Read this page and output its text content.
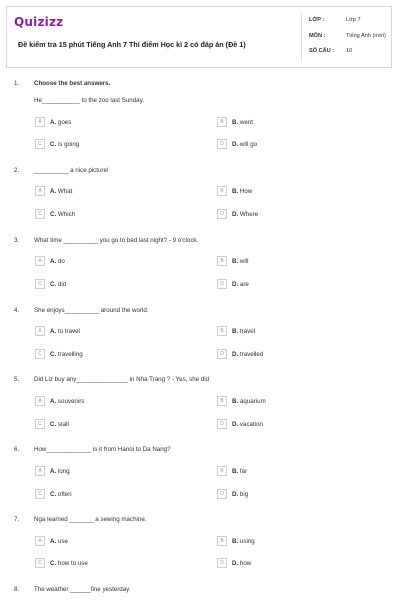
Quizizz
Đề kiểm tra 15 phút Tiếng Anh 7 Thí điểm Học kì 2 có đáp án (Đề 1)
LỚP :	Lớp 7
MÔN :	Tiếng Anh (mới)
SỐ CÂU : 10
1. Choose the best answers.
He___________ to the zoo last Sunday.
A	A. goes	B	B. went
C	C. is going	D	D. will go
2. __________ a nice picture!
A	A. What	B	B. How
C	C. Which	D	D. Where
3. What time __________ you go to bed last night? - 9 o'clock.
A	A. do	B	B. will
C	C. did	D	D. are
4. She enjoys__________ around the world.
A	A. to travel	B	B. travel
C	C. travelling	D	D. travelled
5. Did Liz buy any_______________ in Nha Trang ? - Yes, she did
A	A. souvenirs	B	B. aquarium
C	C. stall	D	D. vacation
6. How_____________ is it from Hanoi to Da Nang?
A	A. long	B	B. far
C	C. often	D	D. big
7. Nga learned _______ a sewing machine.
A	A. use	B	B. using
C	C. how to use	D	D. how
8. The weather ______fine yesterday.
